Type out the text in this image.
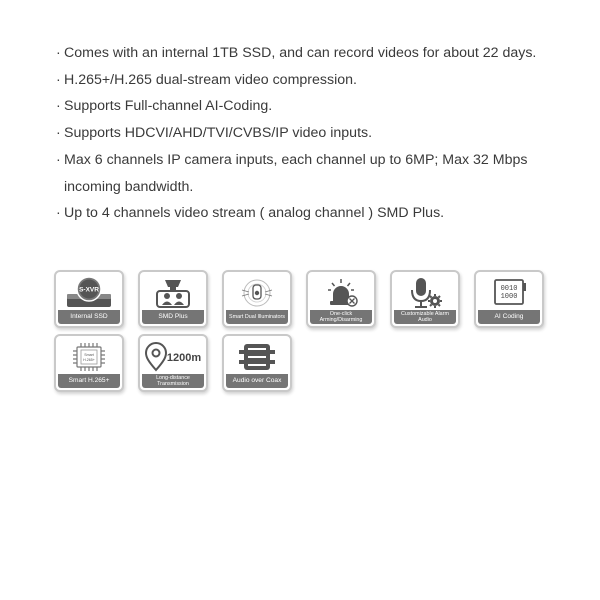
· Comes with an internal 1TB SSD, and can record videos for about 22 days.
· H.265+/H.265 dual-stream video compression.
· Supports Full-channel AI-Coding.
· Supports HDCVI/AHD/TVI/CVBS/IP video inputs.
· Max 6 channels IP camera inputs, each channel up to 6MP; Max 32 Mbps incoming bandwidth.
· Up to 4 channels video stream ( analog channel ) SMD Plus.
S-XVR
Internal SSD	SMD Plus	Smart Dual Illuminators	One-click Arming/Disarming
Customizable Alarm Audio
0010
1000
AI Coding
Smart
H.265+
Smart H.265+
1200m
Long-distance Transmission	Audio over Coax
